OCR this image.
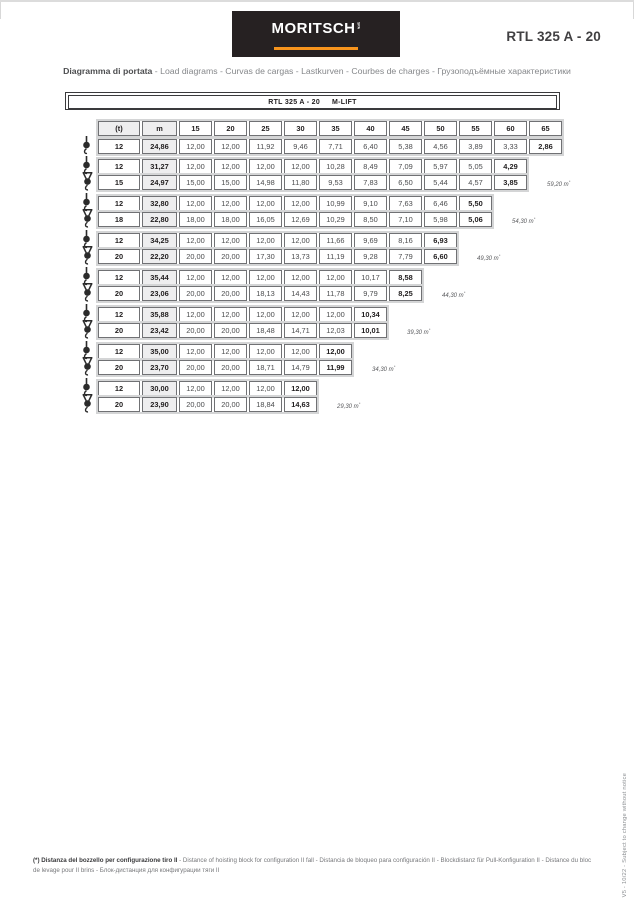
MORITSCH SPA
RTL 325 A - 20
Diagramma di portata - Load diagrams - Curvas de cargas - Lastkurven - Courbes de charges - Грузоподъёмные характеристики
RTL 325 A - 20 M-LIFT
(t)	m	15	20	25	30	35	40	45	50	55	60	65
12	24,86	12,00	12,00	11,92	9,46	7,71	6,40	5,38	4,56	3,89	3,33	2,86
12	31,27	12,00	12,00	12,00	12,00	10,28	8,49	7,09	5,97	5,05	4,29
15	24,97	15,00	15,00	14,98	11,80	9,53	7,83	6,50	5,44	4,57	3,85	59,20 m*
12	32,80	12,00	12,00	12,00	12,00	10,99	9,10	7,63	6,46	5,50
18	22,80	18,00	18,00	16,05	12,69	10,29	8,50	7,10	5,98	5,06	54,30 m*
12	34,25	12,00	12,00	12,00	12,00	11,66	9,69	8,16	6,93
20	22,20	20,00	20,00	17,30	13,73	11,19	9,28	7,79	6,60	49,30 m*
12	35,44	12,00	12,00	12,00	12,00	12,00	10,17	8,58
20	23,06	20,00	20,00	18,13	14,43	11,78	9,79	8,25	44,30 m*
12	35,88	12,00	12,00	12,00	12,00	12,00	10,34
20	23,42	20,00	20,00	18,48	14,71	12,03	10,01	39,30 m*
12	35,00	12,00	12,00	12,00	12,00	12,00
20	23,70	20,00	20,00	18,71	14,79	11,99	34,30 m*
12	30,00	12,00	12,00	12,00	12,00
20	23,90	20,00	20,00	18,84	14,63	29,30 m*
(*) Distanza del bozzello per configurazione tiro II - Distance of hoisting block for configuration II fall - Distancia de bloqueo para configuración II - Blockdistanz für Pull-Konfiguration II - Distance du bloc de levage pour II brins - Блок-дистанция для конфигурации тяги II	V5 - 10/22 - Subject to change without notice
